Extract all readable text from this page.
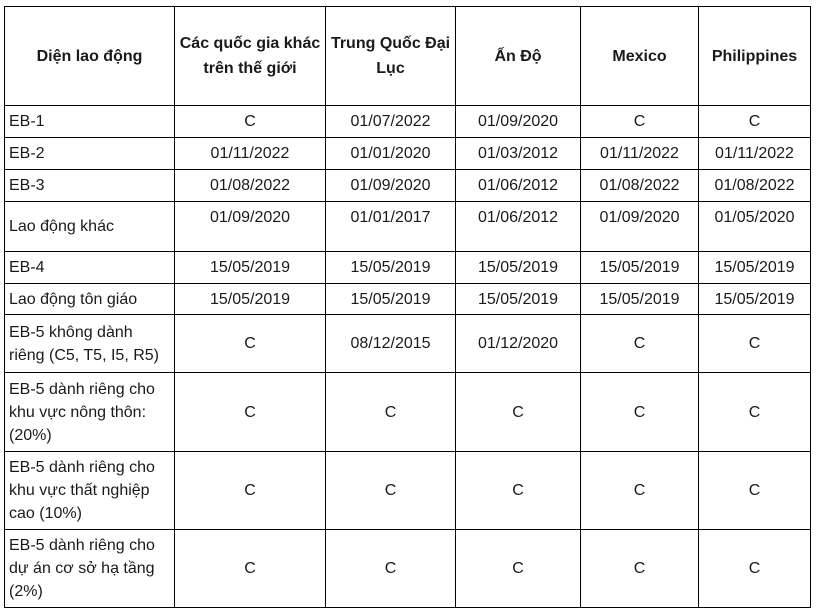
Diện lao động	Các quốc gia khác trên thế giới	Trung Quốc Đại Lục	Ấn Độ	Mexico	Philippines
EB-1	C	01/07/2022	01/09/2020	C	C
EB-2	01/11/2022	01/01/2020	01/03/2012	01/11/2022	01/11/2022
EB-3	01/08/2022	01/09/2020	01/06/2012	01/08/2022	01/08/2022
Lao động khác	01/09/2020	01/01/2017	01/06/2012	01/09/2020	01/05/2020
EB-4	15/05/2019	15/05/2019	15/05/2019	15/05/2019	15/05/2019
Lao động tôn giáo	15/05/2019	15/05/2019	15/05/2019	15/05/2019	15/05/2019
EB-5 không dành riêng (C5, T5, I5, R5)	C	08/12/2015	01/12/2020	C	C
EB-5 dành riêng cho khu vực nông thôn: (20%)	C	C	C	C	C
EB-5 dành riêng cho khu vực thất nghiệp cao (10%)	C	C	C	C	C
EB-5 dành riêng cho dự án cơ sở hạ tầng (2%)	C	C	C	C	C
